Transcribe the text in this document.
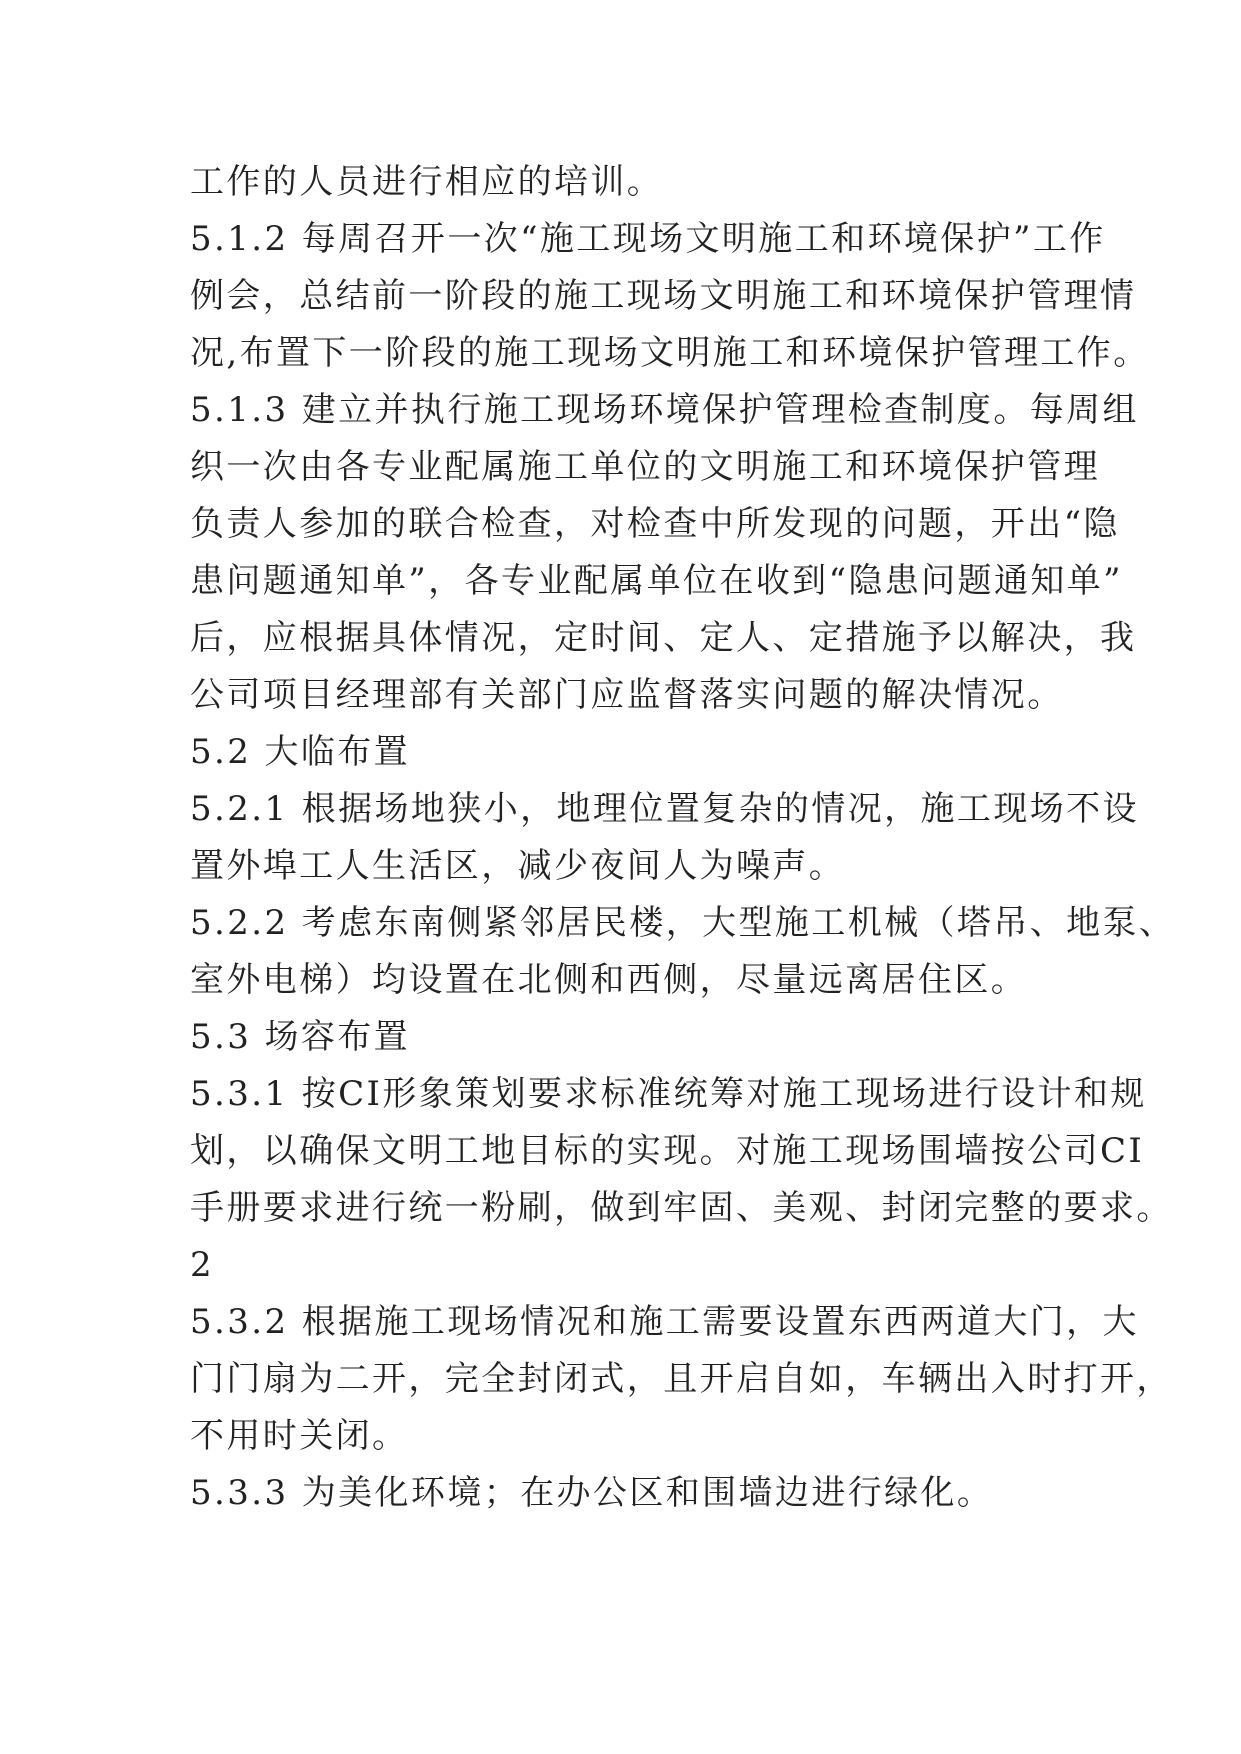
工作的人员进行相应的培训。
5.1.2 每周召开一次“施工现场文明施工和环境保护”工作
例会，总结前一阶段的施工现场文明施工和环境保护管理情
况,布置下一阶段的施工现场文明施工和环境保护管理工作。
5.1.3 建立并执行施工现场环境保护管理检查制度。每周组
织一次由各专业配属施工单位的文明施工和环境保护管理
负责人参加的联合检查，对检查中所发现的问题，开出“隐
患问题通知单”，各专业配属单位在收到“隐患问题通知单”
后，应根据具体情况，定时间、定人、定措施予以解决，我
公司项目经理部有关部门应监督落实问题的解决情况。
5.2 大临布置
5.2.1 根据场地狭小，地理位置复杂的情况，施工现场不设
置外埠工人生活区，减少夜间人为噪声。
5.2.2 考虑东南侧紧邻居民楼，大型施工机械（塔吊、地泵、
室外电梯）均设置在北侧和西侧，尽量远离居住区。
5.3 场容布置
5.3.1 按CI形象策划要求标准统筹对施工现场进行设计和规
划，以确保文明工地目标的实现。对施工现场围墙按公司CI
手册要求进行统一粉刷，做到牢固、美观、封闭完整的要求。
2
5.3.2 根据施工现场情况和施工需要设置东西两道大门，大
门门扇为二开，完全封闭式，且开启自如，车辆出入时打开，
不用时关闭。
5.3.3 为美化环境；在办公区和围墙边进行绿化。
